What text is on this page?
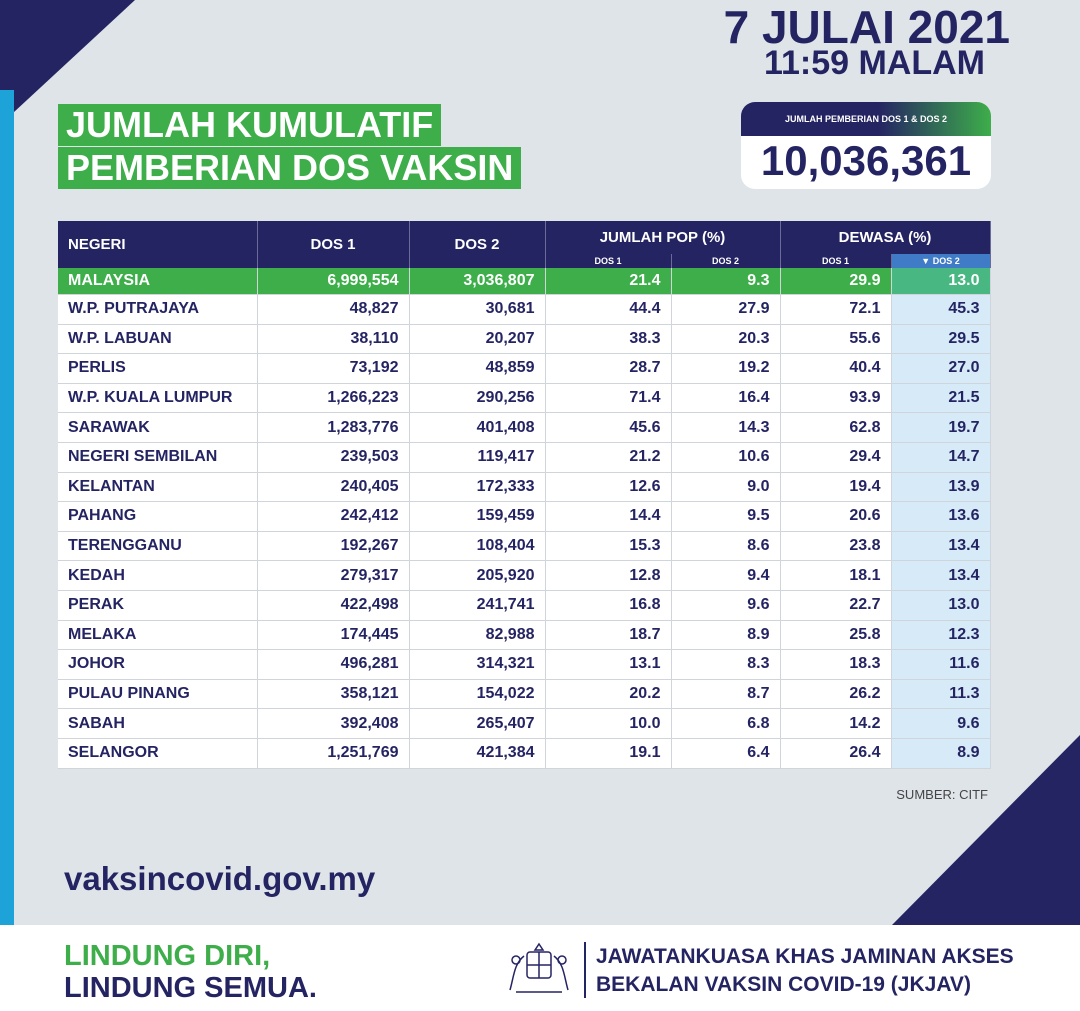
7 JULAI 2021
11:59 MALAM
JUMLAH KUMULATIF
PEMBERIAN DOS VAKSIN
JUMLAH PEMBERIAN DOS 1 & DOS 2
10,036,361
NEGERI	DOS 1	DOS 2	JUMLAH POP (%)		DEWASA (%)	
			DOS 1	DOS 2	DOS 1	▼ DOS 2
MALAYSIA	6,999,554	3,036,807	21.4	9.3	29.9	13.0
W.P. PUTRAJAYA	48,827	30,681	44.4	27.9	72.1	45.3
W.P. LABUAN	38,110	20,207	38.3	20.3	55.6	29.5
PERLIS	73,192	48,859	28.7	19.2	40.4	27.0
W.P. KUALA LUMPUR	1,266,223	290,256	71.4	16.4	93.9	21.5
SARAWAK	1,283,776	401,408	45.6	14.3	62.8	19.7
NEGERI SEMBILAN	239,503	119,417	21.2	10.6	29.4	14.7
KELANTAN	240,405	172,333	12.6	9.0	19.4	13.9
PAHANG	242,412	159,459	14.4	9.5	20.6	13.6
TERENGGANU	192,267	108,404	15.3	8.6	23.8	13.4
KEDAH	279,317	205,920	12.8	9.4	18.1	13.4
PERAK	422,498	241,741	16.8	9.6	22.7	13.0
MELAKA	174,445	82,988	18.7	8.9	25.8	12.3
JOHOR	496,281	314,321	13.1	8.3	18.3	11.6
PULAU PINANG	358,121	154,022	20.2	8.7	26.2	11.3
SABAH	392,408	265,407	10.0	6.8	14.2	9.6
SELANGOR	1,251,769	421,384	19.1	6.4	26.4	8.9
SUMBER: CITF
vaksincovid.gov.my
LINDUNG DIRI,
LINDUNG SEMUA.
JAWATANKUASA KHAS JAMINAN AKSES
BEKALAN VAKSIN COVID-19 (JKJAV)
